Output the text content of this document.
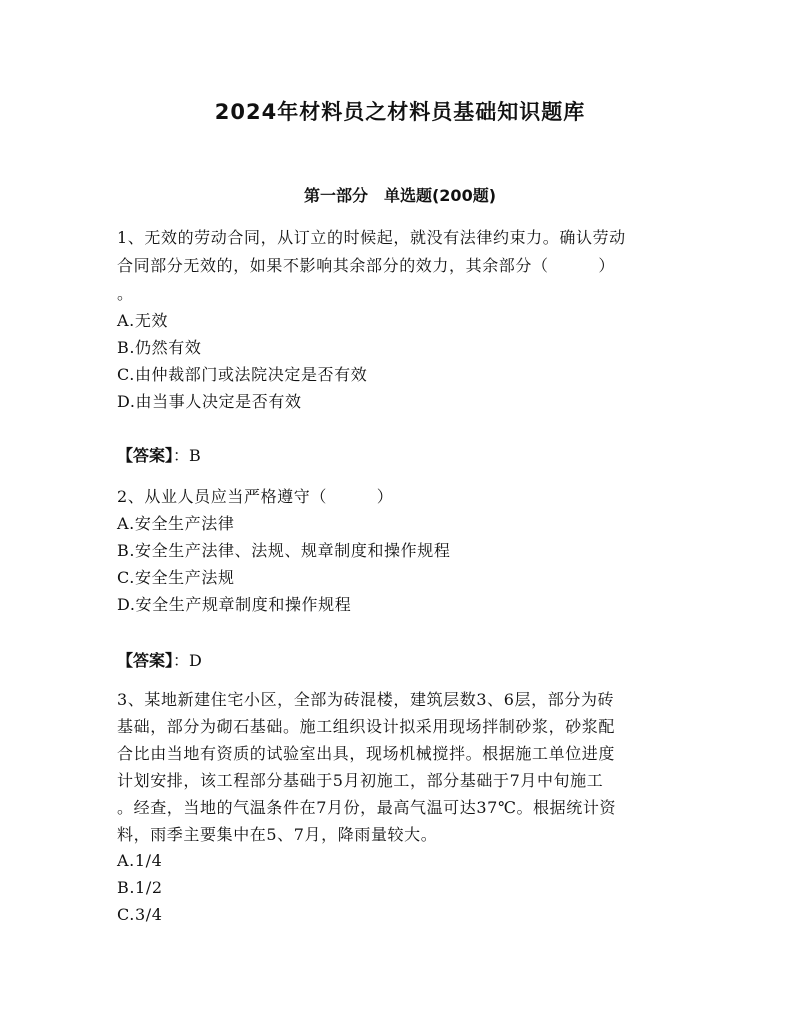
2024年材料员之材料员基础知识题库
第一部分　单选题(200题)
1、无效的劳动合同，从订立的时候起，就没有法律约束力。确认劳动
合同部分无效的，如果不影响其余部分的效力，其余部分（　　　）
。
A.无效
B.仍然有效
C.由仲裁部门或法院决定是否有效
D.由当事人决定是否有效
【答案】：B
2、从业人员应当严格遵守（　　　）
A.安全生产法律
B.安全生产法律、法规、规章制度和操作规程
C.安全生产法规
D.安全生产规章制度和操作规程
【答案】：D
3、某地新建住宅小区，全部为砖混楼，建筑层数3、6层，部分为砖
基础，部分为砌石基础。施工组织设计拟采用现场拌制砂浆，砂浆配
合比由当地有资质的试验室出具，现场机械搅拌。根据施工单位进度
计划安排，该工程部分基础于5月初施工，部分基础于7月中旬施工
。经查，当地的气温条件在7月份，最高气温可达37℃。根据统计资
料，雨季主要集中在5、7月，降雨量较大。
A.1/4
B.1/2
C.3/4
